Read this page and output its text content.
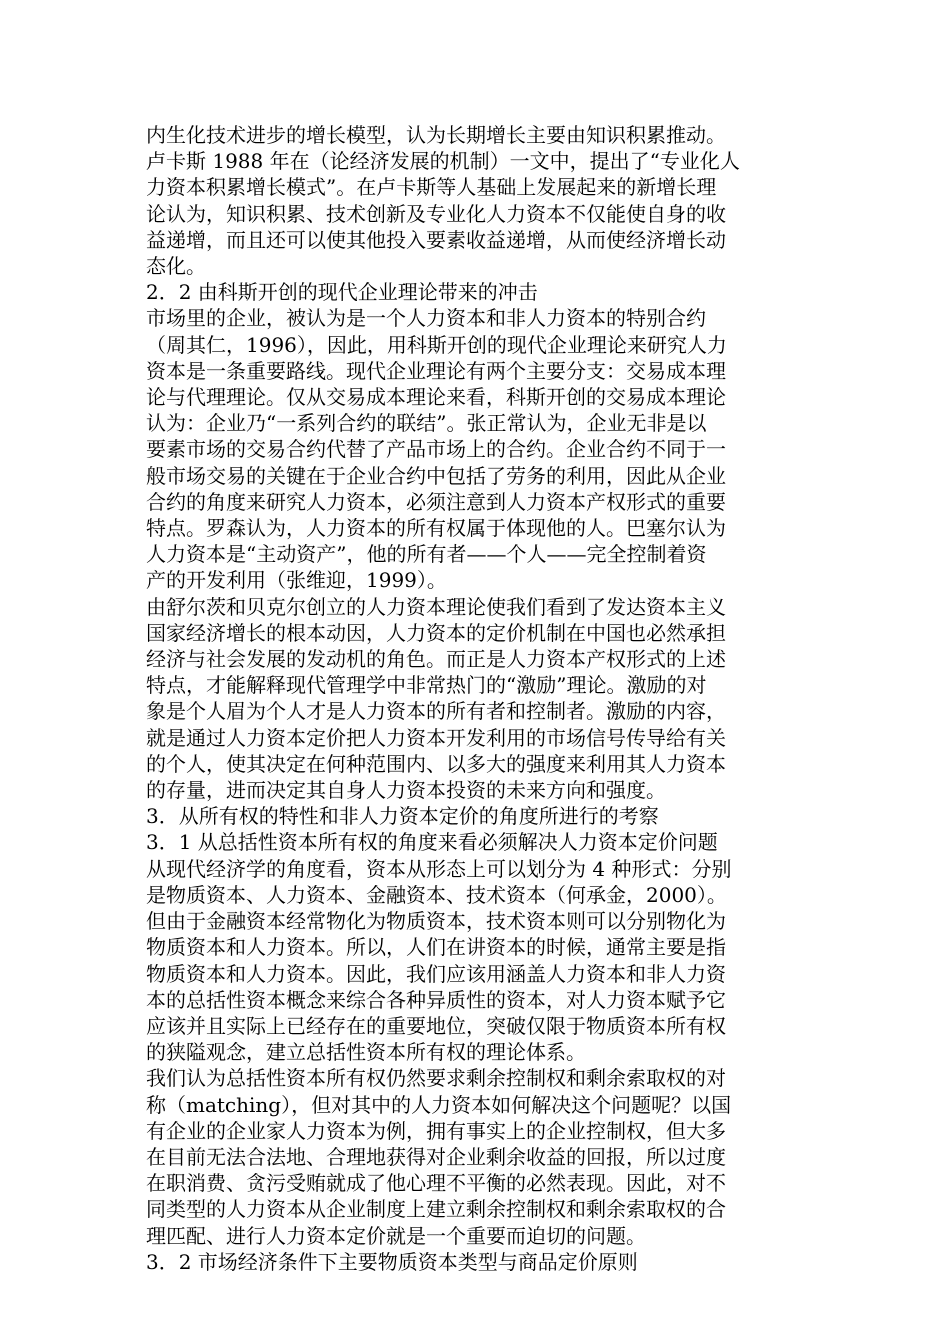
内生化技术进步的增长模型，认为长期增长主要由知识积累推动。

卢卡斯 1988 年在（论经济发展的机制）一文中，提出了“专业化人

力资本积累增长模式”。在卢卡斯等人基础上发展起来的新增长理

论认为，知识积累、技术创新及专业化人力资本不仅能使自身的收

益递增，而且还可以使其他投入要素收益递增，从而使经济增长动

态化。

2．2 由科斯开创的现代企业理论带来的冲击

市场里的企业，被认为是一个人力资本和非人力资本的特别合约

（周其仁，1996），因此，用科斯开创的现代企业理论来研究人力

资本是一条重要路线。现代企业理论有两个主要分支：交易成本理

论与代理理论。仅从交易成本理论来看，科斯开创的交易成本理论

认为：企业乃“一系列合约的联结”。张正常认为，企业无非是以

要素市场的交易合约代替了产品市场上的合约。企业合约不同于一

般市场交易的关键在于企业合约中包括了劳务的利用，因此从企业

合约的角度来研究人力资本，必须注意到人力资本产权形式的重要

特点。罗森认为，人力资本的所有权属于体现他的人。巴塞尔认为

人力资本是“主动资产”，他的所有者——个人——完全控制着资

产的开发利用（张维迎，1999）。

由舒尔茨和贝克尔创立的人力资本理论使我们看到了发达资本主义

国家经济增长的根本动因，人力资本的定价机制在中国也必然承担

经济与社会发展的发动机的角色。而正是人力资本产权形式的上述

特点，才能解释现代管理学中非常热门的“激励”理论。激励的对

象是个人眉为个人才是人力资本的所有者和控制者。激励的内容，

就是通过人力资本定价把人力资本开发利用的市场信号传导给有关

的个人，使其决定在何种范围内、以多大的强度来利用其人力资本

的存量，进而决定其自身人力资本投资的未来方向和强度。

3．从所有权的特性和非人力资本定价的角度所进行的考察

3．1 从总括性资本所有权的角度来看必须解决人力资本定价问题

从现代经济学的角度看，资本从形态上可以划分为 4 种形式：分别

是物质资本、人力资本、金融资本、技术资本（何承金，2000）。

但由于金融资本经常物化为物质资本，技术资本则可以分别物化为

物质资本和人力资本。所以，人们在讲资本的时候，通常主要是指

物质资本和人力资本。因此，我们应该用涵盖人力资本和非人力资

本的总括性资本概念来综合各种异质性的资本，对人力资本赋予它

应该并且实际上已经存在的重要地位，突破仅限于物质资本所有权

的狭隘观念，建立总括性资本所有权的理论体系。

我们认为总括性资本所有权仍然要求剩余控制权和剩余索取权的对

称（matching），但对其中的人力资本如何解决这个问题呢？以国

有企业的企业家人力资本为例，拥有事实上的企业控制权，但大多

在目前无法合法地、合理地获得对企业剩余收益的回报，所以过度

在职消费、贪污受贿就成了他心理不平衡的必然表现。因此，对不

同类型的人力资本从企业制度上建立剩余控制权和剩余索取权的合

理匹配、进行人力资本定价就是一个重要而迫切的问题。

3．2 市场经济条件下主要物质资本类型与商品定价原则
